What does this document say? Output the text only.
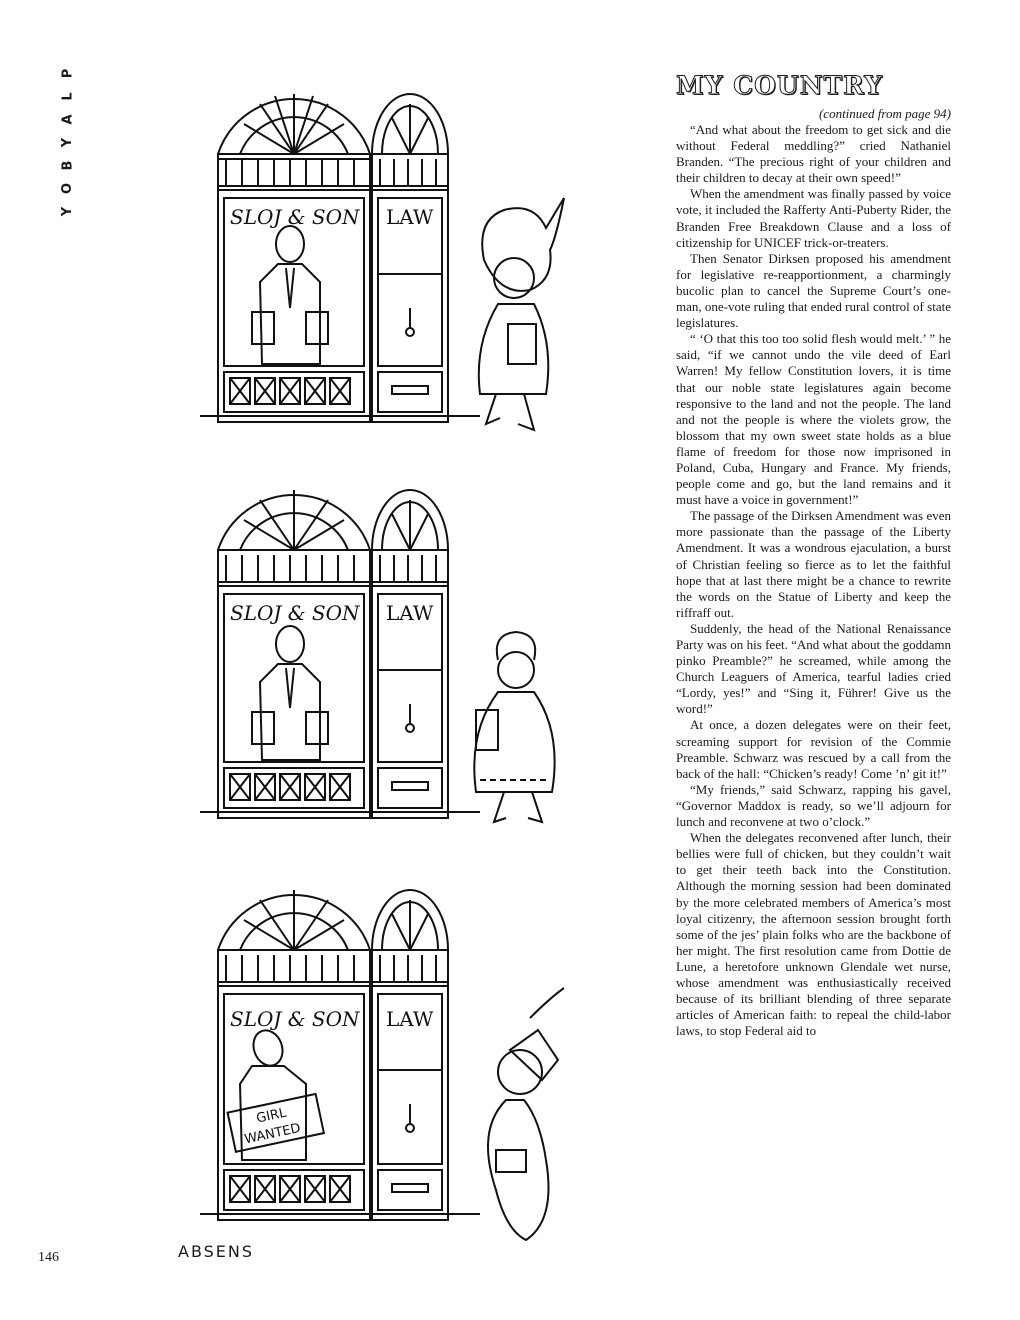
P
L
A
Y
B
O
Y	SLOJ & SON LAW
SLOJ & SON LAW
SLOJ & SON LAW
GIRL
WANTED
146	ABSENS
MY COUNTRY
(continued from page 94)

“And what about the freedom to get sick and die without Federal meddling?” cried Nathaniel Branden. “The precious right of your children and their children to decay at their own speed!”

When the amendment was finally passed by voice vote, it included the Rafferty Anti-Puberty Rider, the Branden Free Breakdown Clause and a loss of citizenship for UNICEF trick-or-treaters.

Then Senator Dirksen proposed his amendment for legislative re-reapportionment, a charmingly bucolic plan to cancel the Supreme Court’s one-man, one-vote ruling that ended rural control of state legislatures.

“ ‘O that this too too solid flesh would melt.’ ” he said, “if we cannot undo the vile deed of Earl Warren! My fellow Constitution lovers, it is time that our noble state legislatures again become responsive to the land and not the people. The land and not the people is where the violets grow, the blossom that my own sweet state holds as a blue flame of freedom for those now imprisoned in Poland, Cuba, Hungary and France. My friends, people come and go, but the land remains and it must have a voice in government!”

The passage of the Dirksen Amendment was even more passionate than the passage of the Liberty Amendment. It was a wondrous ejaculation, a burst of Christian feeling so fierce as to let the faithful hope that at last there might be a chance to rewrite the words on the Statue of Liberty and keep the riffraff out.

Suddenly, the head of the National Renaissance Party was on his feet. “And what about the goddamn pinko Preamble?” he screamed, while among the Church Leaguers of America, tearful ladies cried “Lordy, yes!” and “Sing it, Führer! Give us the word!”

At once, a dozen delegates were on their feet, screaming support for revision of the Commie Preamble. Schwarz was rescued by a call from the back of the hall: “Chicken’s ready! Come ’n’ git it!”

“My friends,” said Schwarz, rapping his gavel, “Governor Maddox is ready, so we’ll adjourn for lunch and reconvene at two o’clock.”

When the delegates reconvened after lunch, their bellies were full of chicken, but they couldn’t wait to get their teeth back into the Constitution. Although the morning session had been dominated by the more celebrated members of America’s most loyal citizenry, the afternoon session brought forth some of the jes’ plain folks who are the backbone of her might. The first resolution came from Dottie de Lune, a heretofore unknown Glendale wet nurse, whose amendment was enthusiastically received because of its brilliant blending of three separate articles of American faith: to repeal the child-labor laws, to stop Federal aid to
